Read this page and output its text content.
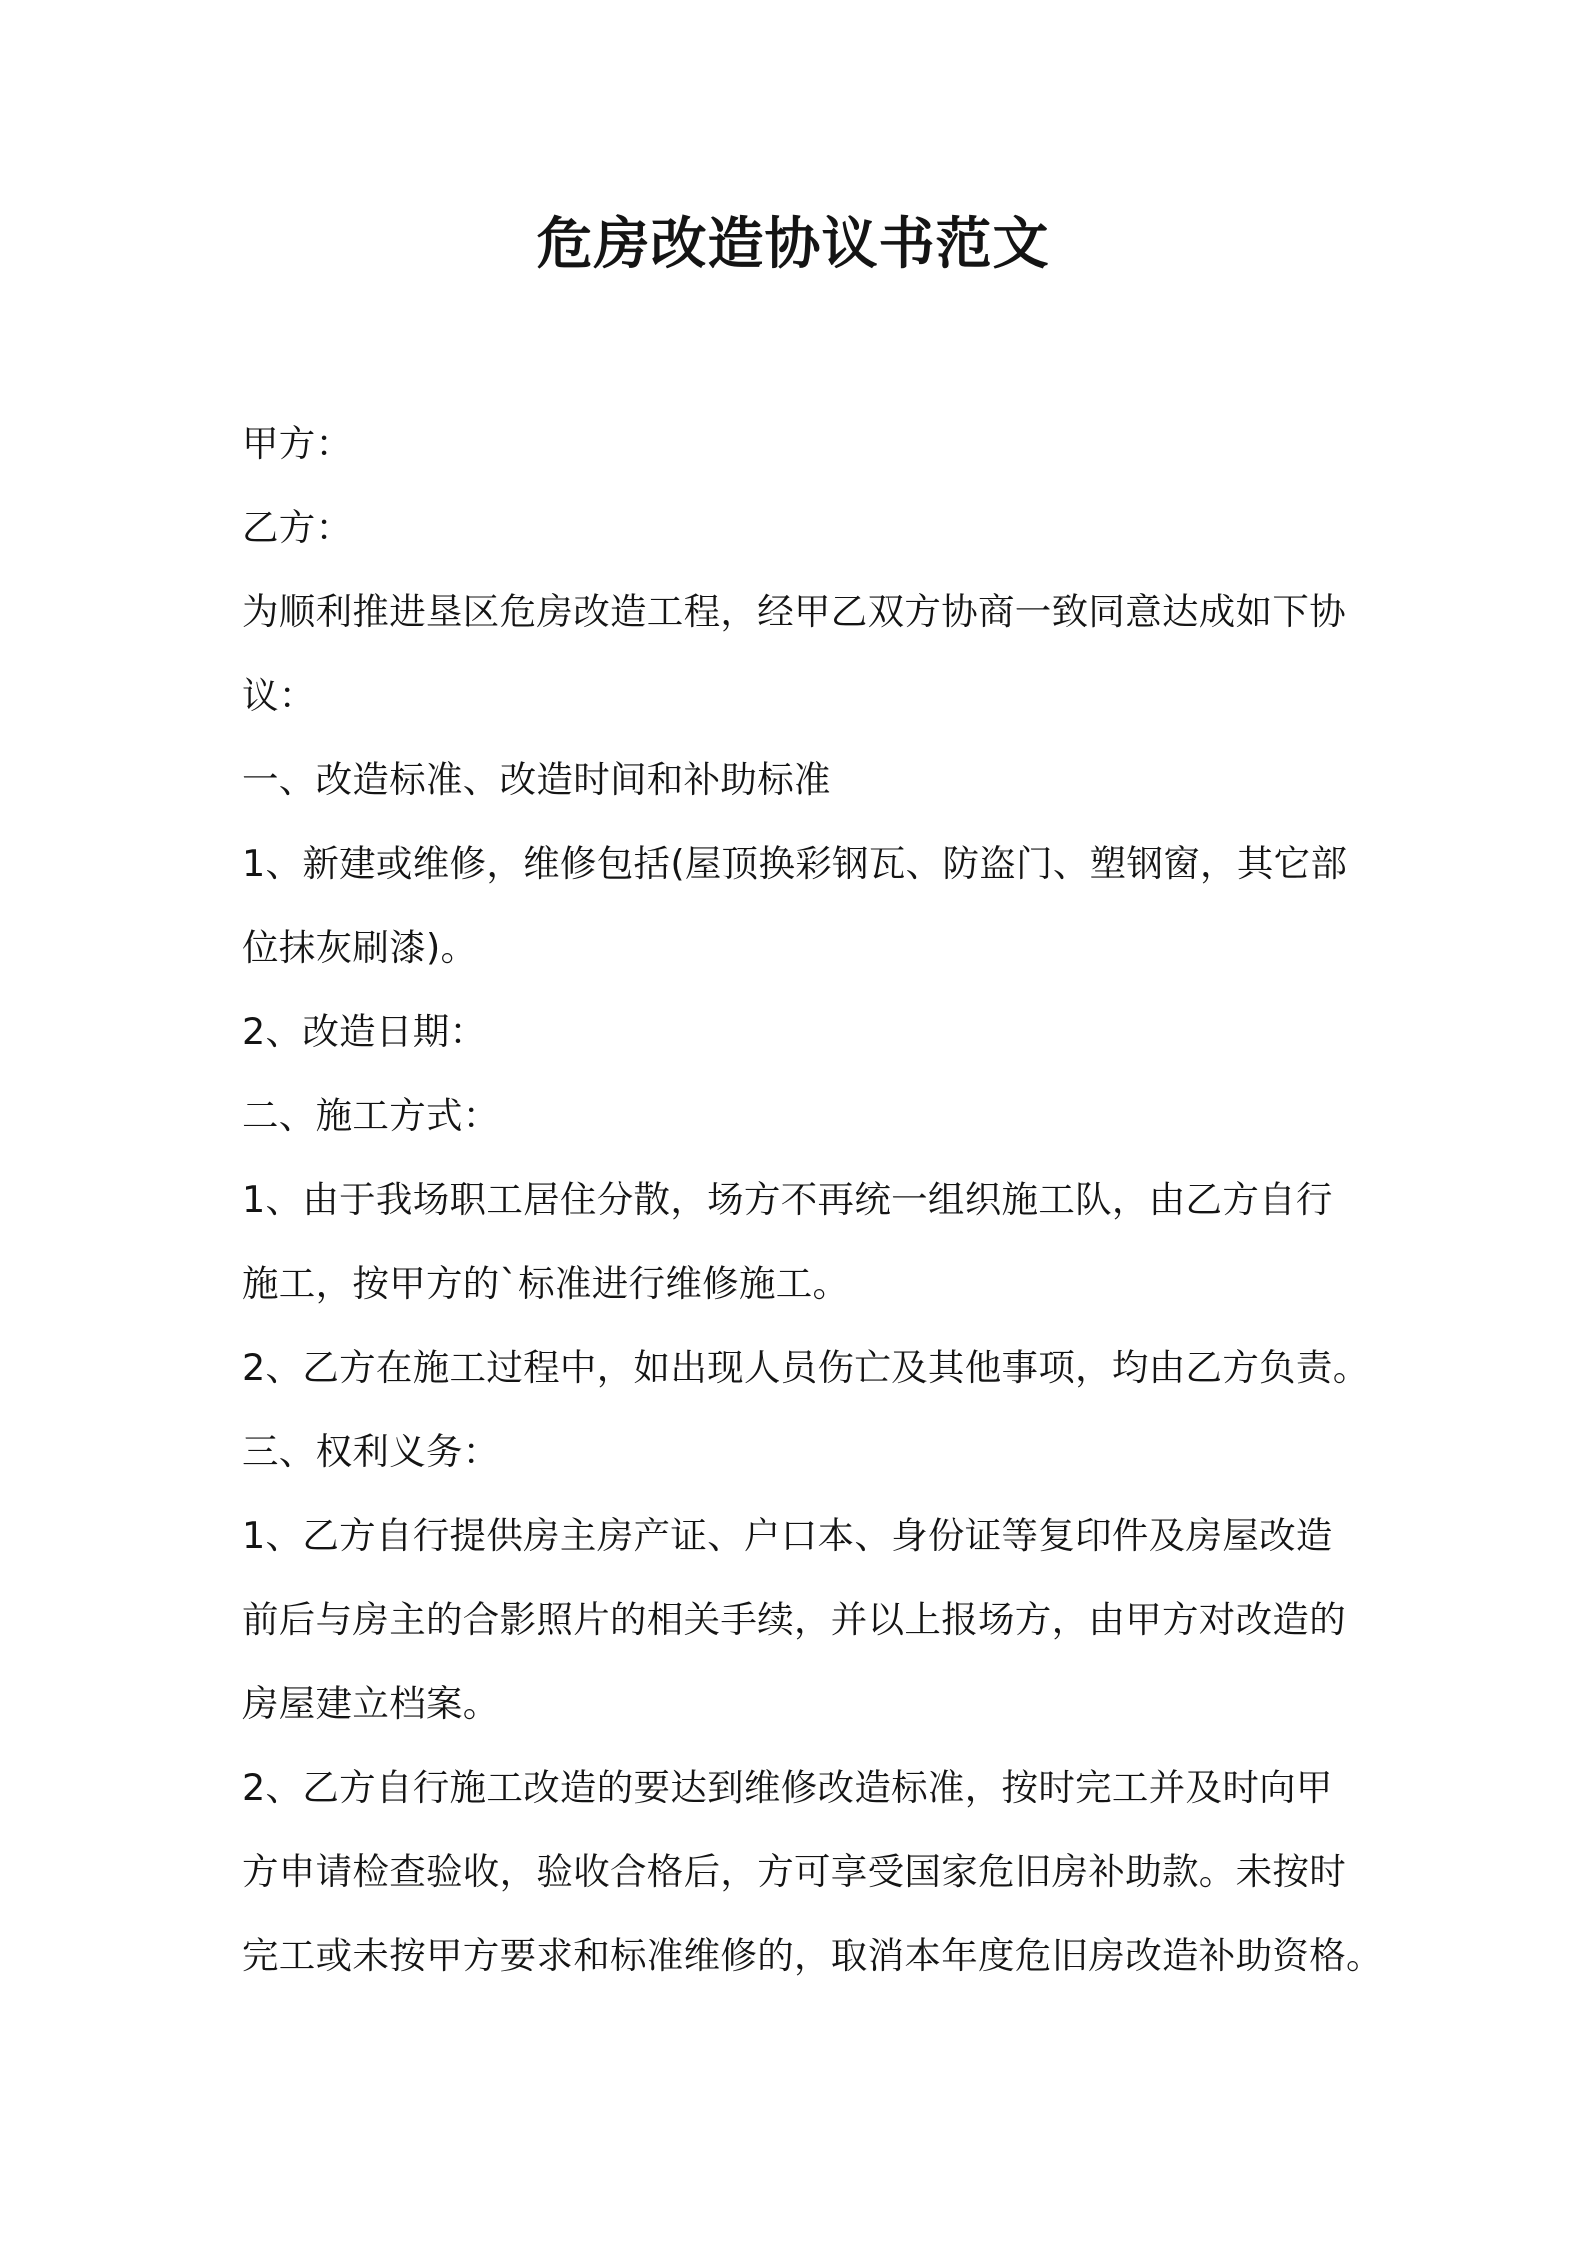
危房改造协议书范文
甲方：
乙方：
为顺利推进垦区危房改造工程，经甲乙双方协商一致同意达成如下协
议：
一、改造标准、改造时间和补助标准
1、新建或维修，维修包括(屋顶换彩钢瓦、防盗门、塑钢窗，其它部
位抹灰刷漆)。
2、改造日期：
二、施工方式：
1、由于我场职工居住分散，场方不再统一组织施工队，由乙方自行
施工，按甲方的`标准进行维修施工。
2、乙方在施工过程中，如出现人员伤亡及其他事项，均由乙方负责。
三、权利义务：
1、乙方自行提供房主房产证、户口本、身份证等复印件及房屋改造
前后与房主的合影照片的相关手续，并以上报场方，由甲方对改造的
房屋建立档案。
2、乙方自行施工改造的要达到维修改造标准，按时完工并及时向甲
方申请检查验收，验收合格后，方可享受国家危旧房补助款。未按时
完工或未按甲方要求和标准维修的，取消本年度危旧房改造补助资格。
